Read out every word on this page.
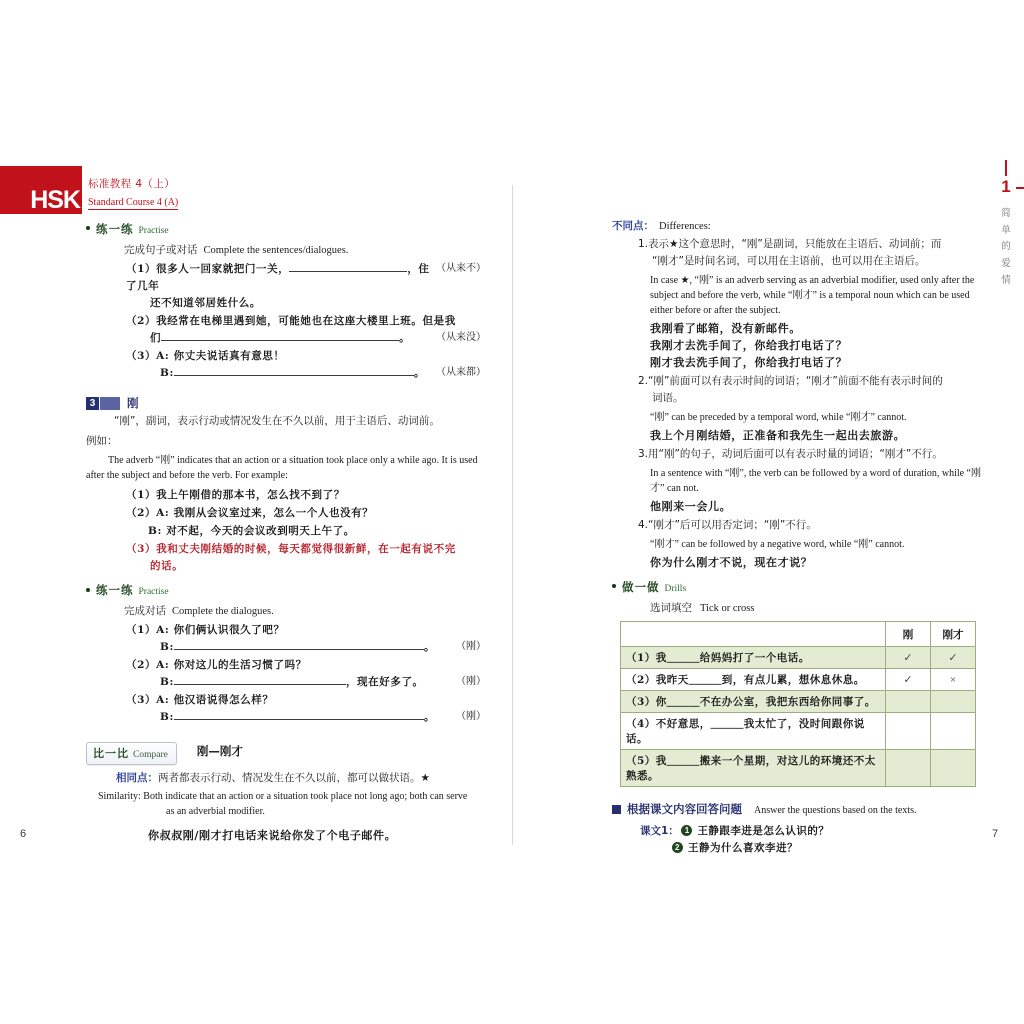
HSK
标准教程 4（上）
Standard Course 4 (A)
1
简
单
的
爱
情
练一练 Practise
完成句子或对话 Complete the sentences/dialogues.
（从来不）
（1）很多人一回家就把门一关，	，住了几年
还不知道邻居姓什么。
（2）我经常在电梯里遇到她，可能她也在这座大楼里上班。但是我
（从来没）
们	。
（3）A: 你丈夫说话真有意思！
（从来都）
B:	。
3	刚
“刚”，副词，表示行动或情况发生在不久以前，用于主语后、动词前。
例如：
The adverb “刚” indicates that an action or a situation took place only a while ago. It is used after the subject and before the verb. For example:
（1）我上午刚借的那本书，怎么找不到了？
（2）A: 我刚从会议室过来，怎么一个人也没有？
B: 对不起，今天的会议改到明天上午了。
（3）我和丈夫刚结婚的时候，每天都觉得很新鲜，在一起有说不完
的话。
练一练 Practise
完成对话 Complete the dialogues.
（1）A: 你们俩认识很久了吧？
（刚）
B:	。
（2）A: 你对这儿的生活习惯了吗？
（刚）
B:	，现在好多了。
（3）A: 他汉语说得怎么样？
（刚）
B:	。
比一比 Compare	刚—刚才
相同点：两者都表示行动、情况发生在不久以前，都可以做状语。★
Similarity: Both indicate that an action or a situation took place not long ago; both can serve
as an adverbial modifier.
你叔叔刚/刚才打电话来说给你发了个电子邮件。
不同点： Differences:
1.表示★这个意思时，“刚”是副词，只能放在主语后、动词前；而
“刚才”是时间名词，可以用在主语前，也可以用在主语后。
In case ★, “刚” is an adverb serving as an adverbial modifier, used only after the subject and before the verb, while “刚才” is a temporal noun which can be used either before or after the subject.
我刚看了邮箱，没有新邮件。
我刚才去洗手间了，你给我打电话了？
刚才我去洗手间了，你给我打电话了？
2.“刚”前面可以有表示时间的词语；“刚才”前面不能有表示时间的
词语。
“刚” can be preceded by a temporal word, while “刚才” cannot.
我上个月刚结婚，正准备和我先生一起出去旅游。
3.用“刚”的句子，动词后面可以有表示时量的词语；“刚才”不行。
In a sentence with “刚”, the verb can be followed by a word of duration, while “刚才” can not.
他刚来一会儿。
4.“刚才”后可以用否定词；“刚”不行。
“刚才” can be followed by a negative word, while “刚” cannot.
你为什么刚才不说，现在才说？
做一做 Drills
选词填空 Tick or cross
	刚	刚才
（1）我＿＿＿给妈妈打了一个电话。	✓	✓
（2）我昨天＿＿＿到，有点儿累，想休息休息。	✓	×
（3）你＿＿＿不在办公室，我把东西给你同事了。		
（4）不好意思，＿＿＿我太忙了，没时间跟你说话。		
（5）我＿＿＿搬来一个星期，对这儿的环境还不太熟悉。		
根据课文内容回答问题 Answer the questions based on the texts.
课文1： 1 王静跟李进是怎么认识的？
2 王静为什么喜欢李进？
6	7
